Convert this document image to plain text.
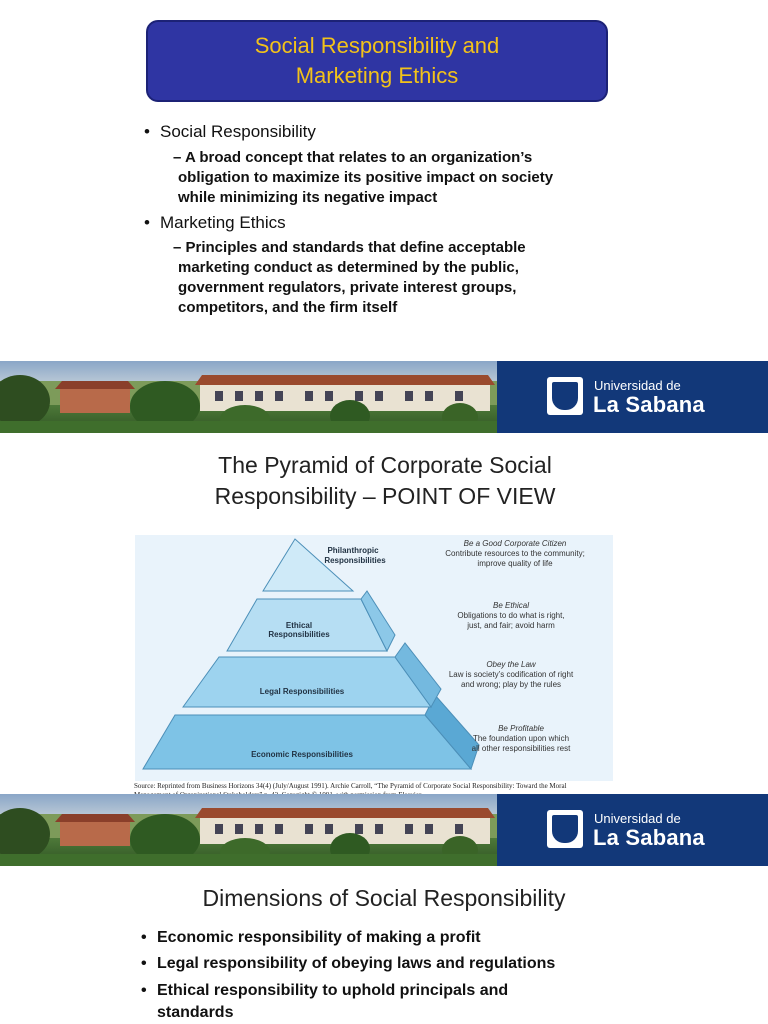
Social Responsibility and
Marketing Ethics
• Social Responsibility
– A broad concept that relates to an organization’s
obligation to maximize its positive impact on society
while minimizing its negative impact
• Marketing Ethics
– Principles and standards that define acceptable
marketing conduct as determined by the public,
government regulators, private interest groups,
competitors, and the firm itself
Universidad de
La Sabana
The Pyramid of Corporate Social
Responsibility – POINT OF VIEW
Philanthropic
Responsibilities
Ethical
Responsibilities
Legal Responsibilities
Economic Responsibilities
Be a Good Corporate Citizen
Contribute resources to the community;
improve quality of life
Be Ethical
Obligations to do what is right,
just, and fair; avoid harm
Obey the Law
Law is society’s codification of right
and wrong; play by the rules
Be Profitable
The foundation upon which
all other responsibilities rest
Source: Reprinted from Business Horizons 34(4) (July/August 1991). Archie Carroll, “The Pyramid of Corporate Social Responsibility: Toward the Moral
Universidad de
La Sabana
Dimensions of Social Responsibility
• Economic responsibility of making a profit
• Legal responsibility of obeying laws and regulations
• Ethical responsibility to uphold principals and
standards
